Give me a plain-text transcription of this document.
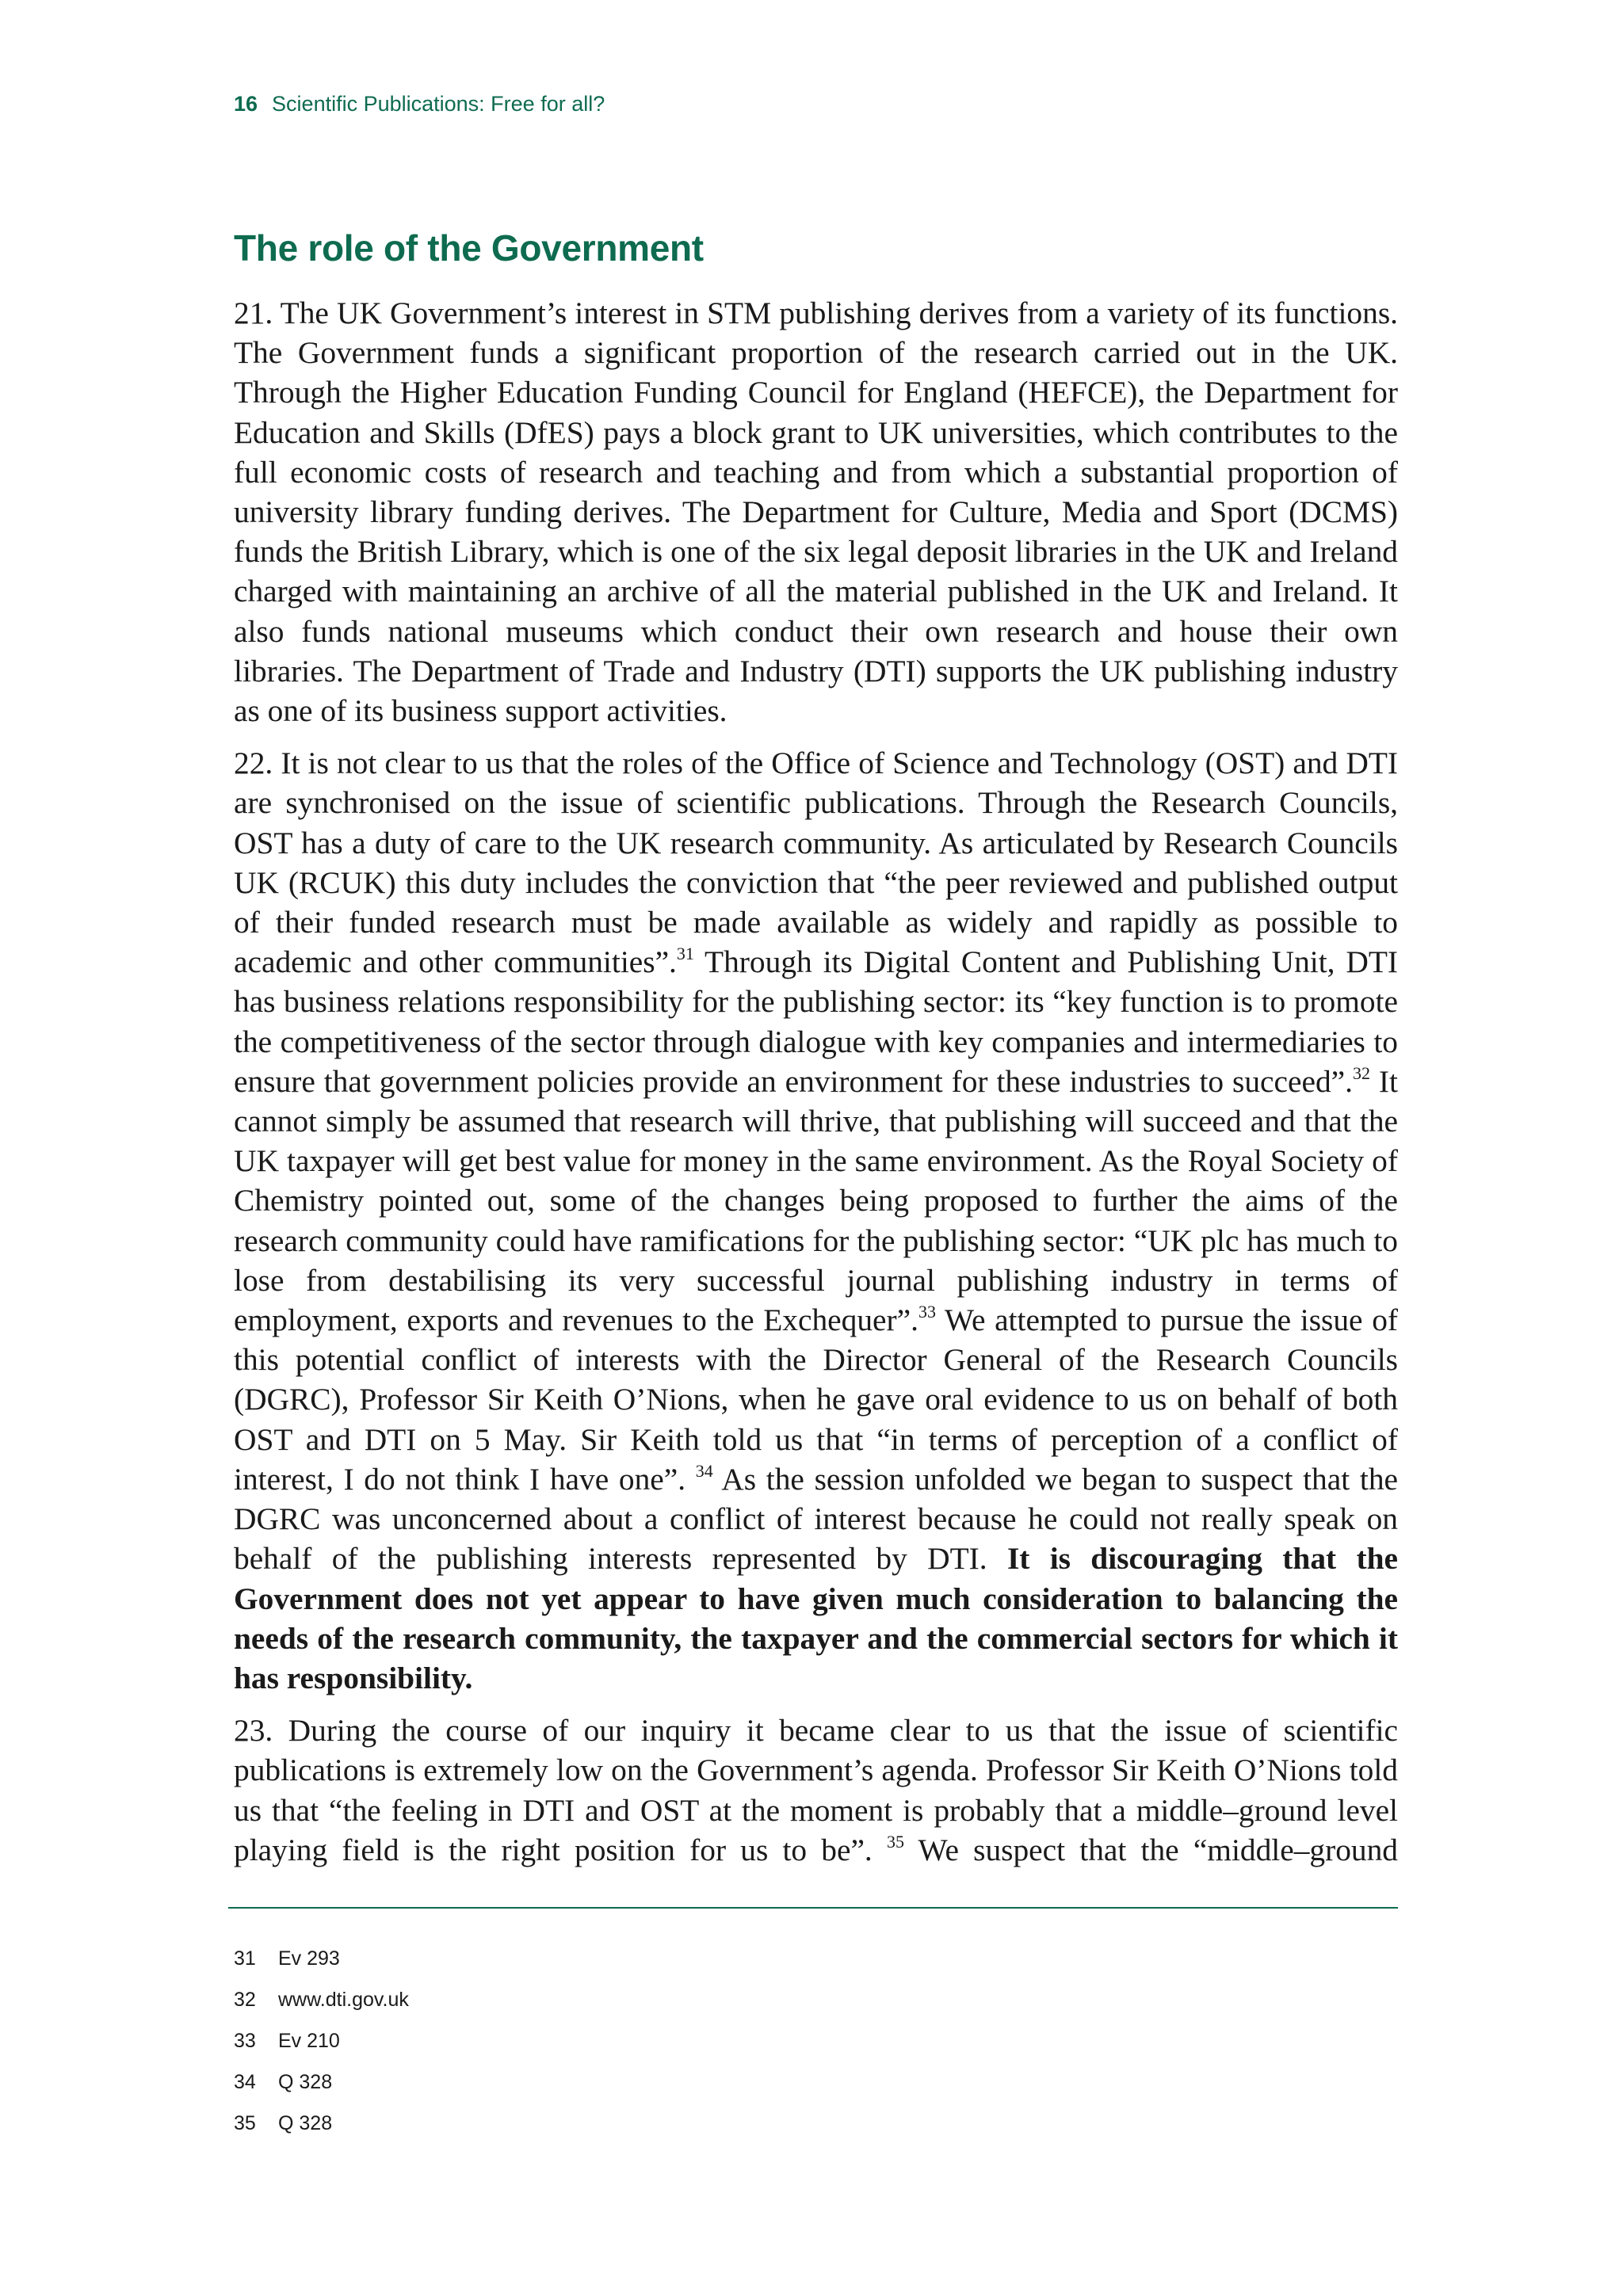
16 Scientific Publications: Free for all?
The role of the Government

21. The UK Government’s interest in STM publishing derives from a variety of its functions. The Government funds a significant proportion of the research carried out in the UK. Through the Higher Education Funding Council for England (HEFCE), the Department for Education and Skills (DfES) pays a block grant to UK universities, which contributes to the full economic costs of research and teaching and from which a substantial proportion of university library funding derives. The Department for Culture, Media and Sport (DCMS) funds the British Library, which is one of the six legal deposit libraries in the UK and Ireland charged with maintaining an archive of all the material published in the UK and Ireland. It also funds national museums which conduct their own research and house their own libraries. The Department of Trade and Industry (DTI) supports the UK publishing industry as one of its business support activities.

22. It is not clear to us that the roles of the Office of Science and Technology (OST) and DTI are synchronised on the issue of scientific publications. Through the Research Councils, OST has a duty of care to the UK research community. As articulated by Research Councils UK (RCUK) this duty includes the conviction that “the peer reviewed and published output of their funded research must be made available as widely and rapidly as possible to academic and other communities”.$^{31}$ Through its Digital Content and Publishing Unit, DTI has business relations responsibility for the publishing sector: its “key function is to promote the competitiveness of the sector through dialogue with key companies and intermediaries to ensure that government policies provide an environment for these industries to succeed”.$^{32}$ It cannot simply be assumed that research will thrive, that publishing will succeed and that the UK taxpayer will get best value for money in the same environment. As the Royal Society of Chemistry pointed out, some of the changes being proposed to further the aims of the research community could have ramifications for the publishing sector: “UK plc has much to lose from destabilising its very successful journal publishing industry in terms of employment, exports and revenues to the Exchequer”.$^{33}$ We attempted to pursue the issue of this potential conflict of interests with the Director General of the Research Councils (DGRC), Professor Sir Keith O’Nions, when he gave oral evidence to us on behalf of both OST and DTI on 5 May. Sir Keith told us that “in terms of perception of a conflict of interest, I do not think I have one”. $^{34}$ As the session unfolded we began to suspect that the DGRC was unconcerned about a conflict of interest because he could not really speak on behalf of the publishing interests represented by DTI. It is discouraging that the Government does not yet appear to have given much consideration to balancing the needs of the research community, the taxpayer and the commercial sectors for which it has responsibility.

23. During the course of our inquiry it became clear to us that the issue of scientific publications is extremely low on the Government’s agenda. Professor Sir Keith O’Nions told us that “the feeling in DTI and OST at the moment is probably that a middle–ground level playing field is the right position for us to be”. $^{35}$ We suspect that the “middle–ground

31	Ev 293
32	www.dti.gov.uk
33	Ev 210
34	Q 328
35	Q 328
